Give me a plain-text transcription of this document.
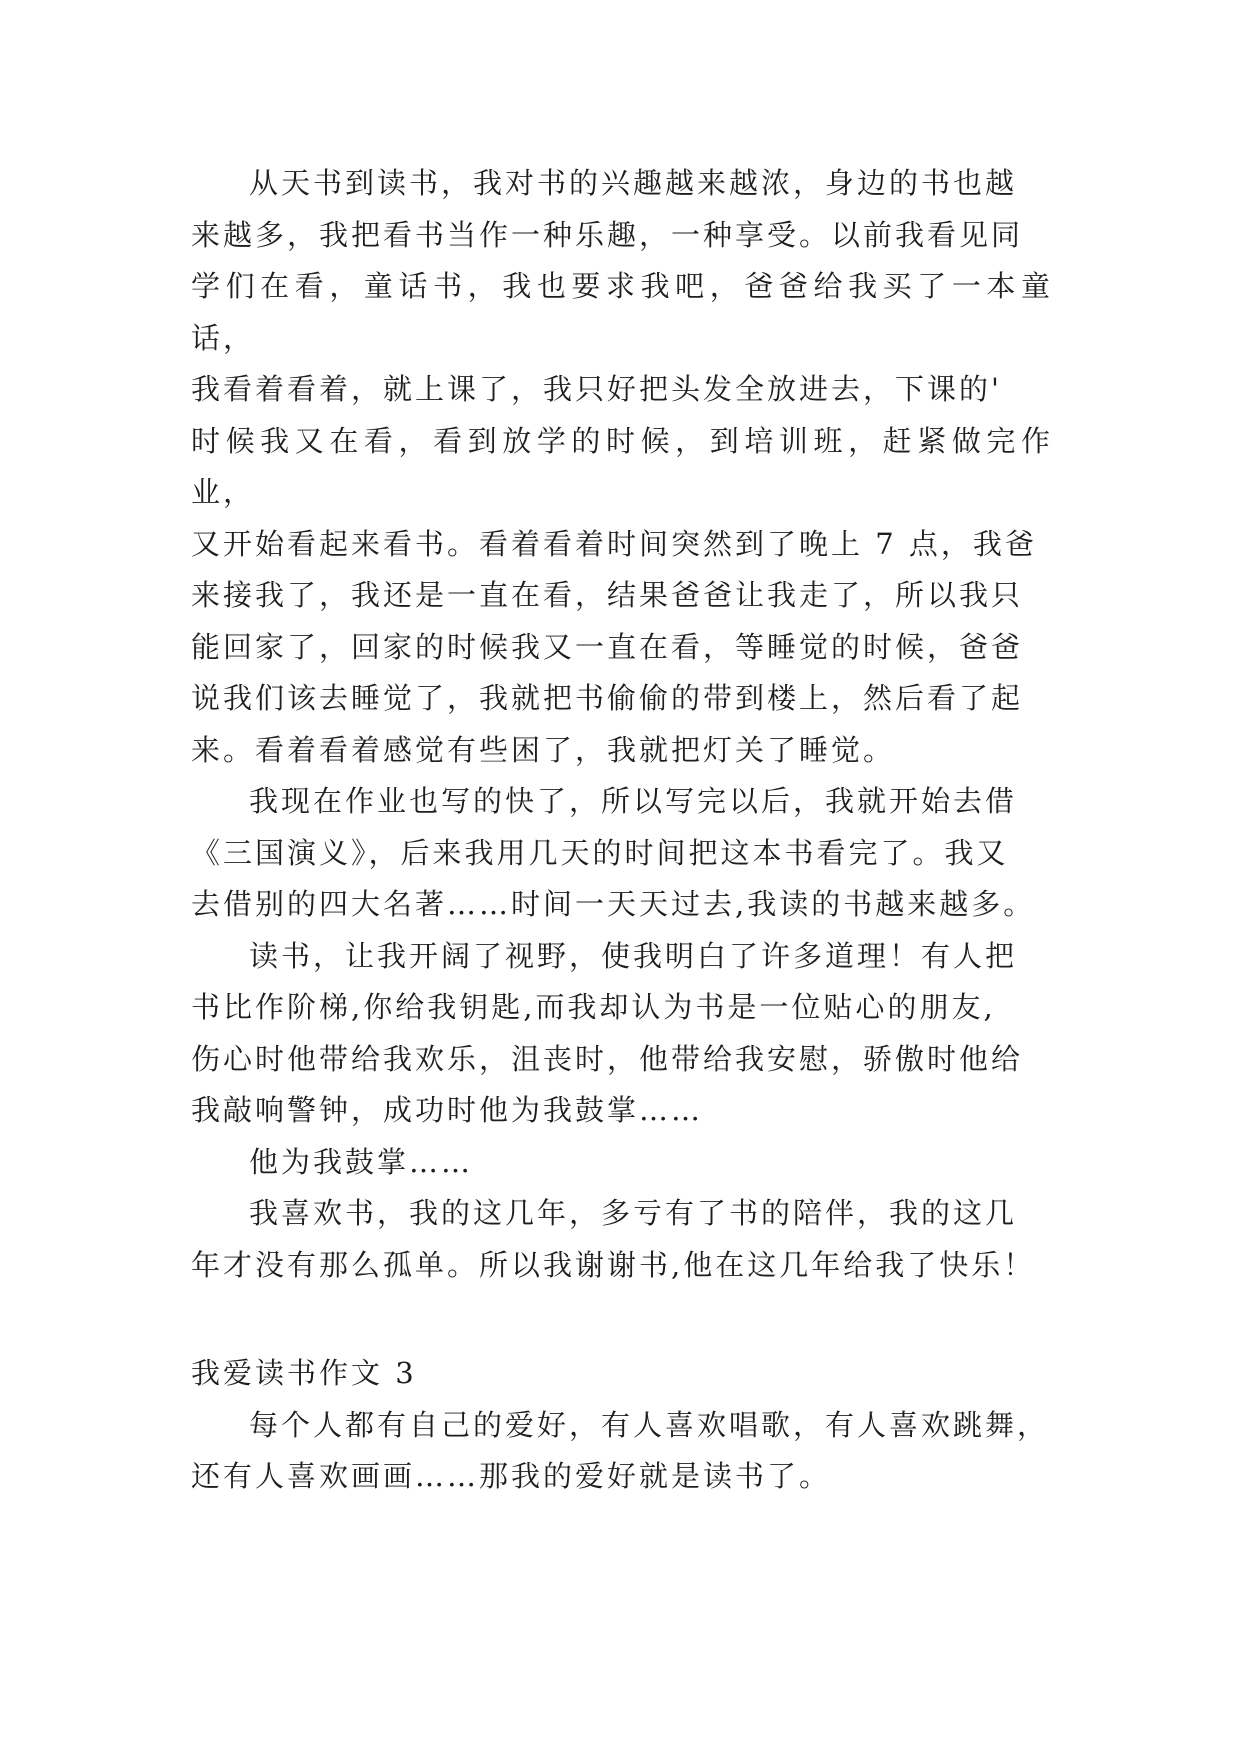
从天书到读书，我对书的兴趣越来越浓，身边的书也越
来越多，我把看书当作一种乐趣，一种享受。以前我看见同
学们在看，童话书，我也要求我吧，爸爸给我买了一本童话，
我看着看着，就上课了，我只好把头发全放进去，下课的'
时候我又在看，看到放学的时候，到培训班，赶紧做完作业，
又开始看起来看书。看着看着时间突然到了晚上 7 点，我爸
来接我了，我还是一直在看，结果爸爸让我走了，所以我只
能回家了，回家的时候我又一直在看，等睡觉的时候，爸爸
说我们该去睡觉了，我就把书偷偷的带到楼上，然后看了起
来。看着看着感觉有些困了，我就把灯关了睡觉。

我现在作业也写的快了，所以写完以后，我就开始去借
《三国演义》，后来我用几天的时间把这本书看完了。我又
去借别的四大名著……时间一天天过去,我读的书越来越多。

读书，让我开阔了视野，使我明白了许多道理！有人把
书比作阶梯,你给我钥匙,而我却认为书是一位贴心的朋友,
伤心时他带给我欢乐，沮丧时，他带给我安慰，骄傲时他给
我敲响警钟，成功时他为我鼓掌……

他为我鼓掌……

我喜欢书，我的这几年，多亏有了书的陪伴，我的这几
年才没有那么孤单。所以我谢谢书,他在这几年给我了快乐！

我爱读书作文 3

每个人都有自己的爱好，有人喜欢唱歌，有人喜欢跳舞，
还有人喜欢画画……那我的爱好就是读书了。
